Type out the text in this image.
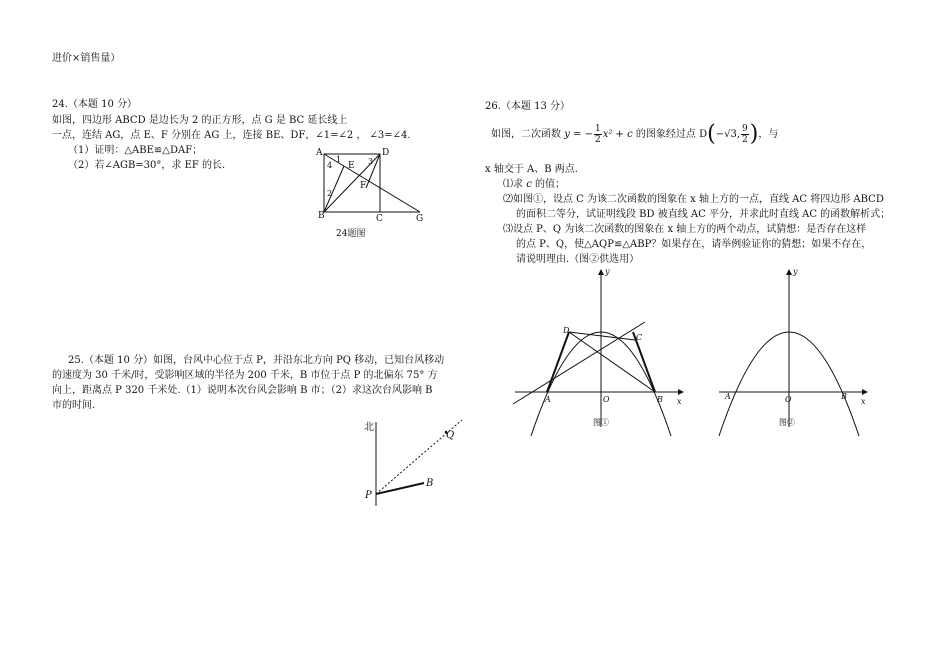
进价×销售量）
24.（本题 10 分）
如图，四边形 ABCD 是边长为 2 的正方形，点 G 是 BC 延长线上
一点，连结 AG，点 E、F 分别在 AG 上，连接 BE、DF，∠1=∠2 ， ∠3=∠4.
（1）证明：△ABE≌△DAF；
（2）若∠AGB=30°，求 EF 的长.
A	D
B	C	G
E
F
1
2
3
4
24题图
25.（本题 10 分）如图，台风中心位于点 P，并沿东北方向 PQ 移动，已知台风移动
的速度为 30 千米/时，受影响区域的半径为 200 千米，B 市位于点 P 的北偏东 75° 方
向上，距离点 P 320 千米处.（1）说明本次台风会影响 B 市；（2）求这次台风影响 B
市的时间.
北
P
Q
B
26.（本题 13 分）
如图，二次函数 y = − $\frac{1}{2} x^2 + c$ 的图象经过点 D(−√3, $\frac{9}{2}$ )，与
x 轴交于 A、B 两点.
⑴求 c 的值；
⑵如图①，设点 C 为该二次函数的图象在 x 轴上方的一点，直线 AC 将四边形 ABCD
的面积二等分，试证明线段 BD 被直线 AC 平分，并求此时直线 AC 的函数解析式；
⑶设点 P、Q 为该二次函数的图象在 x 轴上方的两个动点，试猜想：是否存在这样
的点 P、Q，使△AQP≌△ABP？如果存在，请举例验证你的猜想；如果不存在，
请说明理由.（图②供选用）
y
x
O
A	B
C
D
图①
y
x
O
A	B
图②
